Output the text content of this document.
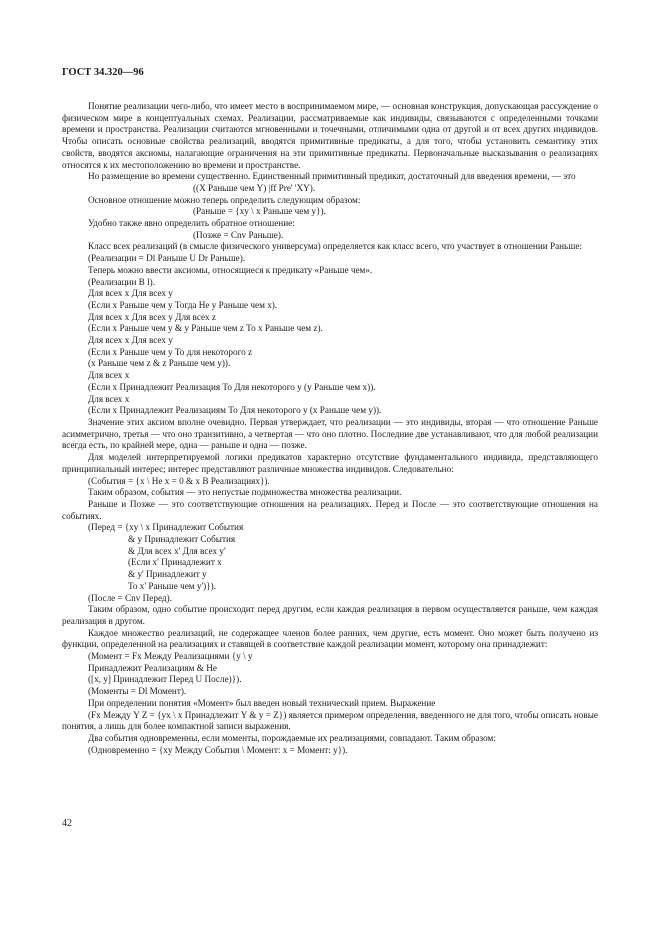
ГОСТ 34.320—96

Понятие реализации чего-либо, что имеет место в воспринимаемом мире, — основная конструкция, допускающая рассуждение о физическом мире в концептуальных схемах. Реализации, рассматриваемые как индивиды, связываются с определенными точками времени и пространства. Реализации считаются мгновенными и точечными, отличимыми одна от другой и от всех других индивидов. Чтобы описать основные свойства реализаций, вводятся примитивные предикаты, а для того, чтобы установить семантику этих свойств, вводятся аксиомы, налагающие ограничения на эти примитивные предикаты. Первоначальные высказывания о реализациях относятся к их местоположению во времени и пространстве.

Но размещение во времени существенно. Единственный примитивный предикат, достаточный для введения времени, — это

((X Раньше чем Y) |ff Pre' 'XY).

Основное отношение можно теперь определить следующим образом:

(Раньше = {xy \ x Раньше чем y}).

Удобно также явно определить обратное отношение:

(Позже = Cnv Раньше).

Класс всех реализаций (в смысле физического универсума) определяется как класс всего, что участвует в отношении Раньше:

(Реализации = Dl Раньше U Dr Раньше).

Теперь можно ввести аксиомы, относящиеся к предикату «Раньше чем».

(Реализации B l).

Для всех x Для всех y

(Если x Раньше чем y Тогда Не y Раньше чем x).

Для всех x Для всех y Для всех z

(Если x Раньше чем y & y Раньше чем z То x Раньше чем z).

Для всех x Для всех y

(Если x Раньше чем y То для некоторого z

(x Раньше чем z & z Раньше чем y)).

Для всех x

(Если x Принадлежит Реализация То Для некоторого y (y Раньше чем x)).

Для всех x

(Если x Принадлежит Реализациям То Для некоторого y (x Раньше чем y)).

Значение этих аксиом вполне очевидно. Первая утверждает, что реализации — это индивиды, вторая — что отношение Раньше асимметрично, третья — что оно транзитивно, а четвертая — что оно плотно. Последние две устанавливают, что для любой реализации всегда есть, по крайней мере, одна — раньше и одна — позже.

Для моделей интерпретируемой логики предикатов характерно отсутствие фундаментального индивида, представляющего принципиальный интерес; интерес представляют различные множества индивидов. Следовательно:

(События = {x \ Не x = 0 & x B Реализациях}).

Таким образом, события — это непустые подмножества множества реализации.

Раньше и Позже — это соответствующие отношения на реализациях. Перед и После — это соответствующие отношения на событиях.

(Перед = {xy \ x Принадлежит События

& y Принадлежит События

& Для всех x' Для всех y'

(Если x' Принадлежит x

& y' Принадлежит y

То x' Раньше чем y')}).

(После = Cnv Перед).

Таким образом, одно событие происходит перед другим, если каждая реализация в первом осуществляется раньше, чем каждая реализация в другом.

Каждое множество реализаций, не содержащее членов более ранних, чем другие, есть момент. Оно может быть получено из функции, определенной на реализациях и ставящей в соответствие каждой реализации момент, которому она принадлежит:

(Момент = Fx Между Реализациями {y \ y

Принадлежит Реализациям & Не

([x, y] Принадлежит Перед U После)}).

(Моменты = Dl Момент).

При определении понятия «Момент» был введен новый технический прием. Выражение

(Fx Между Y Z = {yx \ x Принадлежит Y & y = Z}) является примером определения, введенного не для того, чтобы описать новые понятия, а лишь для более компактной записи выражения.

Два события одновременны, если моменты, порождаемые их реализациями, совпадают. Таким образом:

(Одновременно = {xy Между События \ Момент: x = Момент: y}).

42
